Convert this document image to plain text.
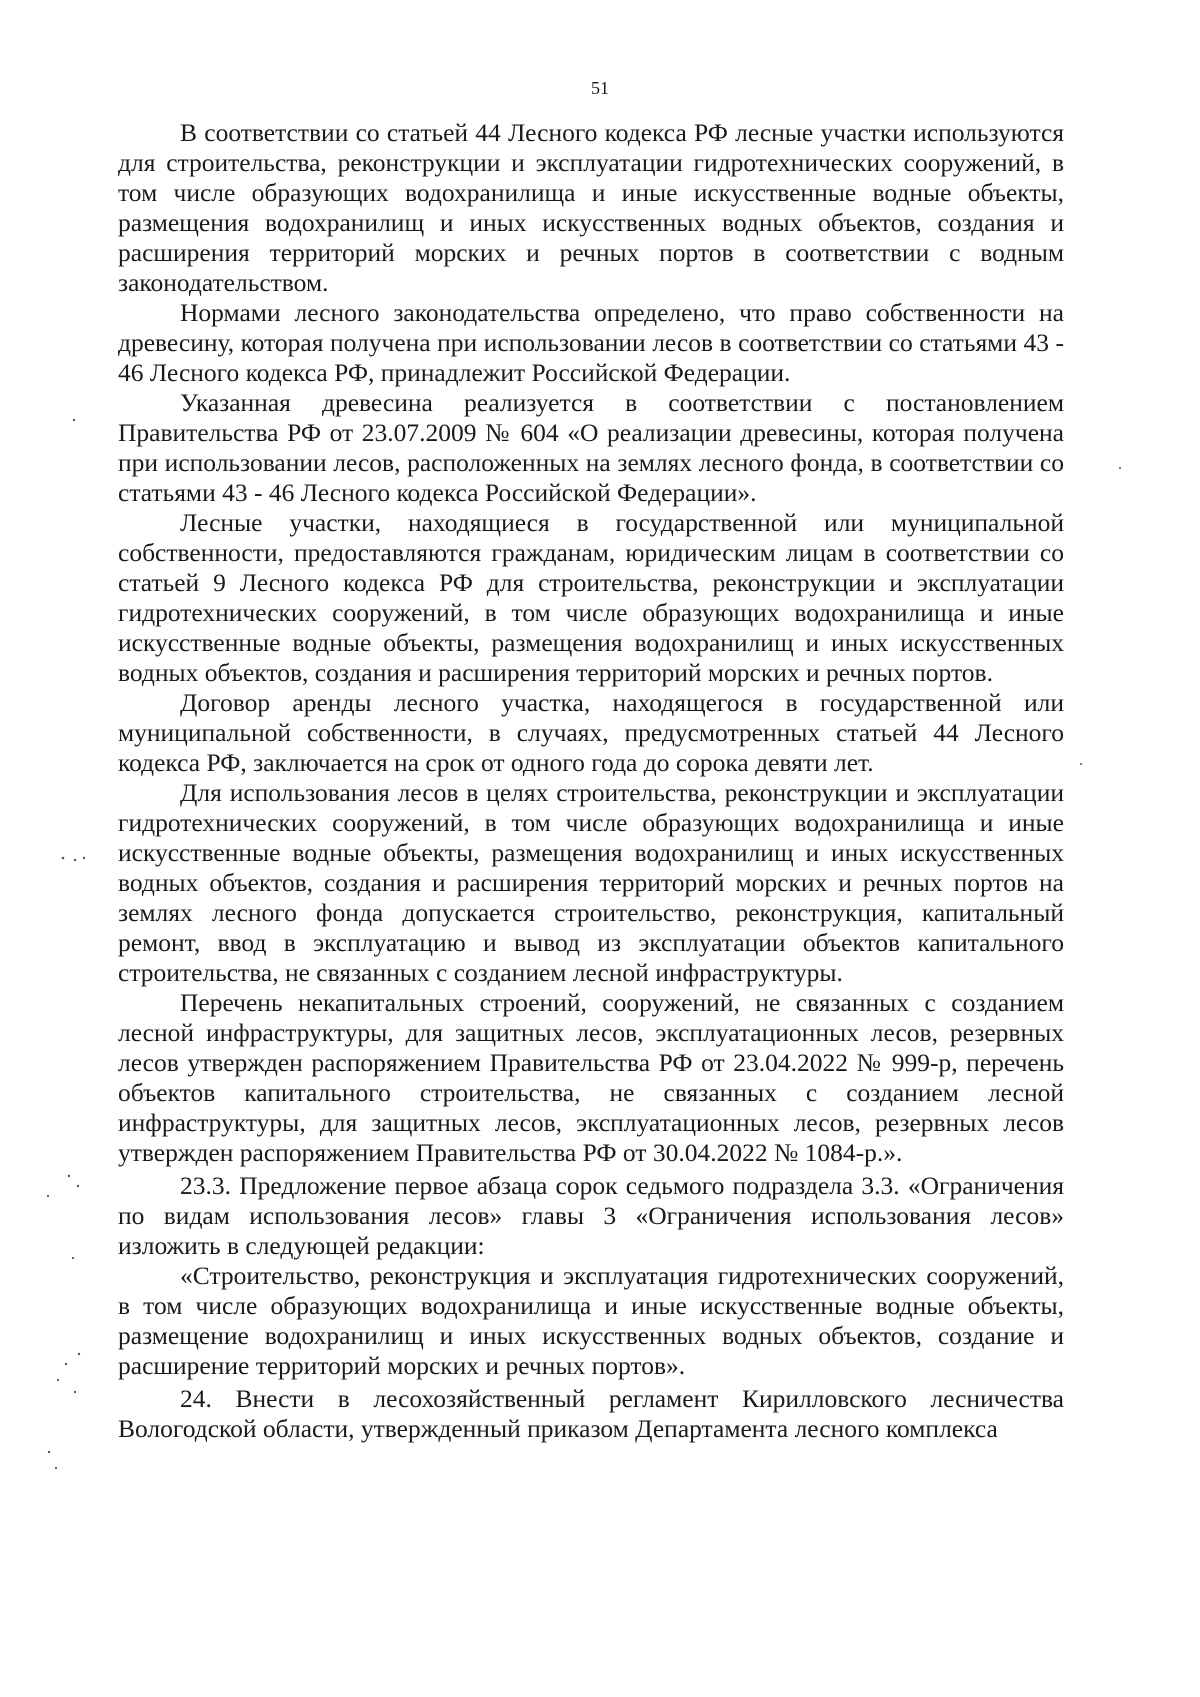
51

В соответствии со статьей 44 Лесного кодекса РФ лесные участки используются для строительства, реконструкции и эксплуатации гидротехнических сооружений, в том числе образующих водохранилища и иные искусственные водные объекты, размещения водохранилищ и иных искусственных водных объектов, создания и расширения территорий морских и речных портов в соответствии с водным законодательством.

Нормами лесного законодательства определено, что право собственности на древесину, которая получена при использовании лесов в соответствии со статьями 43 - 46 Лесного кодекса РФ, принадлежит Российской Федерации.

Указанная древесина реализуется в соответствии с постановлением Правительства РФ от 23.07.2009 № 604 «О реализации древесины, которая получена при использовании лесов, расположенных на землях лесного фонда, в соответствии со статьями 43 - 46 Лесного кодекса Российской Федерации».

Лесные участки, находящиеся в государственной или муниципальной собственности, предоставляются гражданам, юридическим лицам в соответствии со статьей 9 Лесного кодекса РФ для строительства, реконструкции и эксплуатации гидротехнических сооружений, в том числе образующих водохранилища и иные искусственные водные объекты, размещения водохранилищ и иных искусственных водных объектов, создания и расширения территорий морских и речных портов.

Договор аренды лесного участка, находящегося в государственной или муниципальной собственности, в случаях, предусмотренных статьей 44 Лесного кодекса РФ, заключается на срок от одного года до сорока девяти лет.

Для использования лесов в целях строительства, реконструкции и эксплуатации гидротехнических сооружений, в том числе образующих водохранилища и иные искусственные водные объекты, размещения водохранилищ и иных искусственных водных объектов, создания и расширения территорий морских и речных портов на землях лесного фонда допускается строительство, реконструкция, капитальный ремонт, ввод в эксплуатацию и вывод из эксплуатации объектов капитального строительства, не связанных с созданием лесной инфраструктуры.

Перечень некапитальных строений, сооружений, не связанных с созданием лесной инфраструктуры, для защитных лесов, эксплуатационных лесов, резервных лесов утвержден распоряжением Правительства РФ от 23.04.2022 № 999-р, перечень объектов капитального строительства, не связанных с созданием лесной инфраструктуры, для защитных лесов, эксплуатационных лесов, резервных лесов утвержден распоряжением Правительства РФ от 30.04.2022 № 1084-р.».

23.3. Предложение первое абзаца сорок седьмого подраздела 3.3. «Ограничения по видам использования лесов» главы 3 «Ограничения использования лесов» изложить в следующей редакции:

«Строительство, реконструкция и эксплуатация гидротехнических сооружений, в том числе образующих водохранилища и иные искусственные водные объекты, размещение водохранилищ и иных искусственных водных объектов, создание и расширение территорий морских и речных портов».

24. Внести в лесохозяйственный регламент Кирилловского лесничества Вологодской области, утвержденный приказом Департамента лесного комплекса
